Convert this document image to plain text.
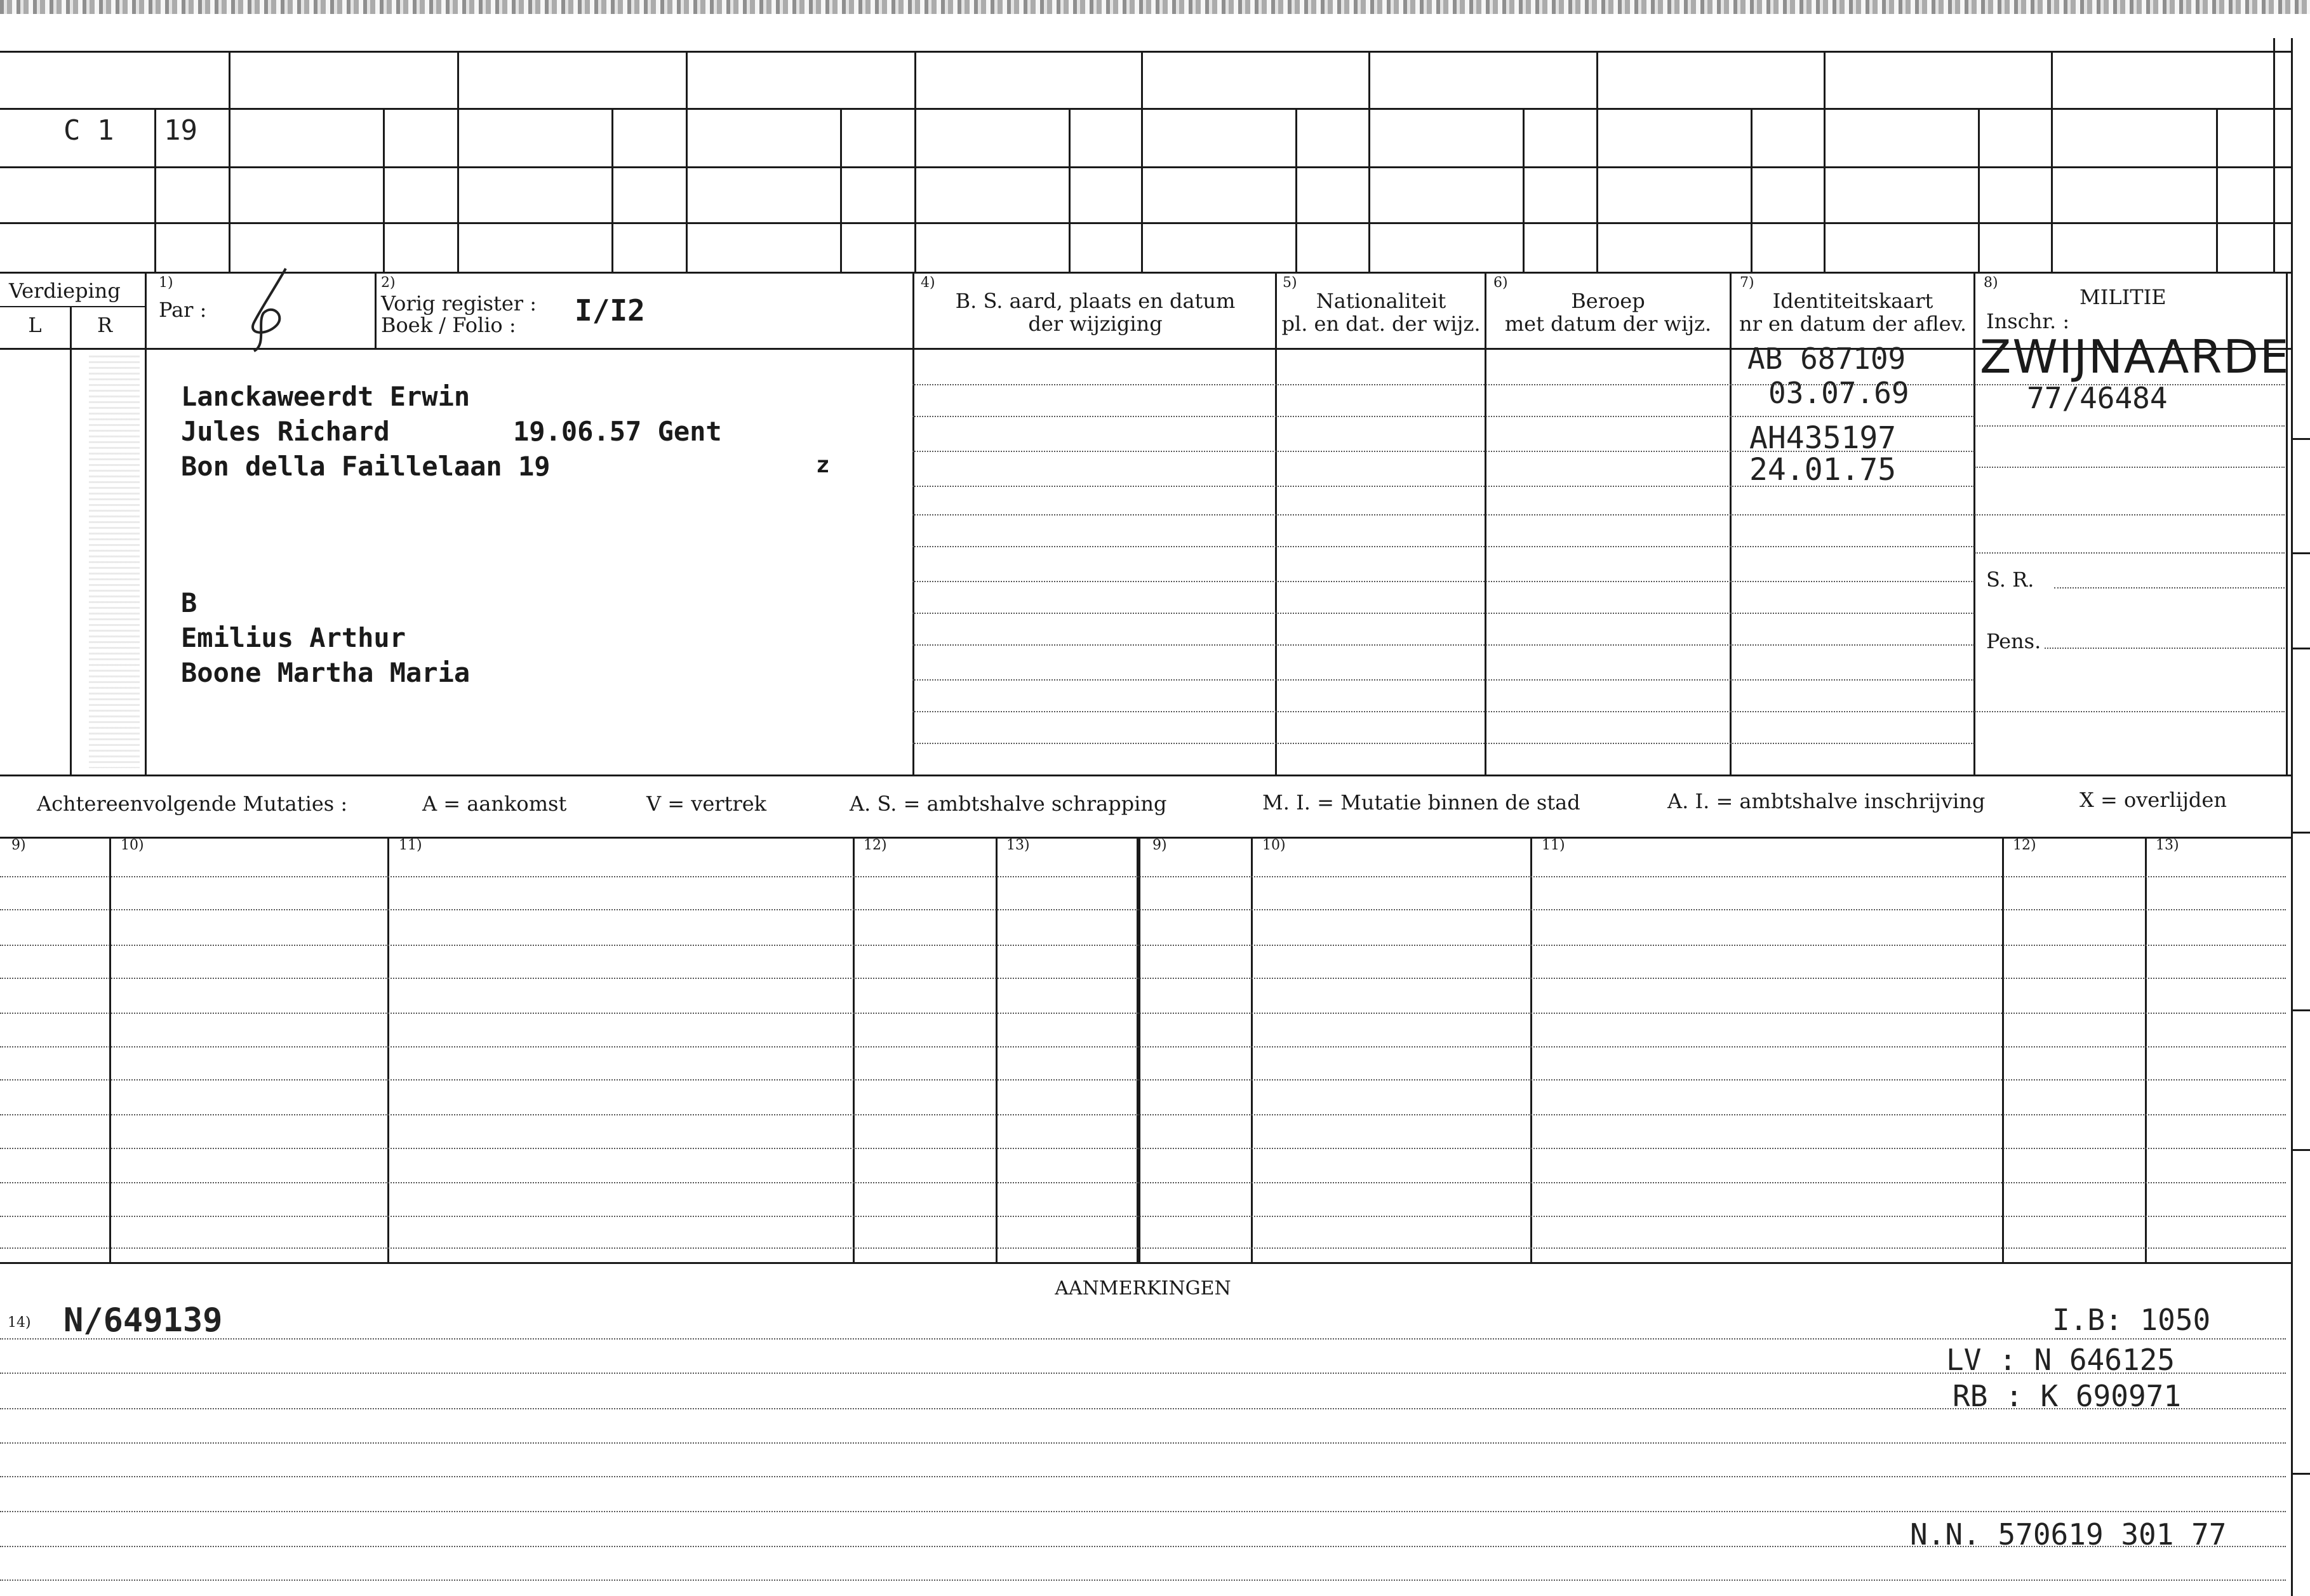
C 1 19
Verdieping
L	R
1)
Par :
2)
Vorig register :
Boek / Folio : I/I2
4)
B. S. aard, plaats en datum
der wijziging
5)
Nationaliteit
pl. en dat. der wijz.
6)
Beroep
met datum der wijz.
7)
Identiteitskaart
nr en datum der aflev.
8)
MILITIE
Inschr. :
Lanckaweerdt Erwin
Jules Richard	19.06.57 Gent
Bon della Faillelaan 19	z
B
Emilius Arthur
Boone Martha Maria
AB 687109
03.07.69
AH435197
24.01.75
ZWIJNAARDE
77/46484
S. R.
Pens.
Achtereenvolgende Mutaties :	A = aankomst	V = vertrek	A. S. = ambtshalve schrapping	M. I. = Mutatie binnen de stad	A. I. = ambtshalve inschrijving	X = overlijden
9)	10)	11)	12)	13)	9)	10)	11)	12)	13)
AANMERKINGEN
14) N/649139	I.B: 1050
LV : N 646125
RB : K 690971
N.N. 570619 301 77
